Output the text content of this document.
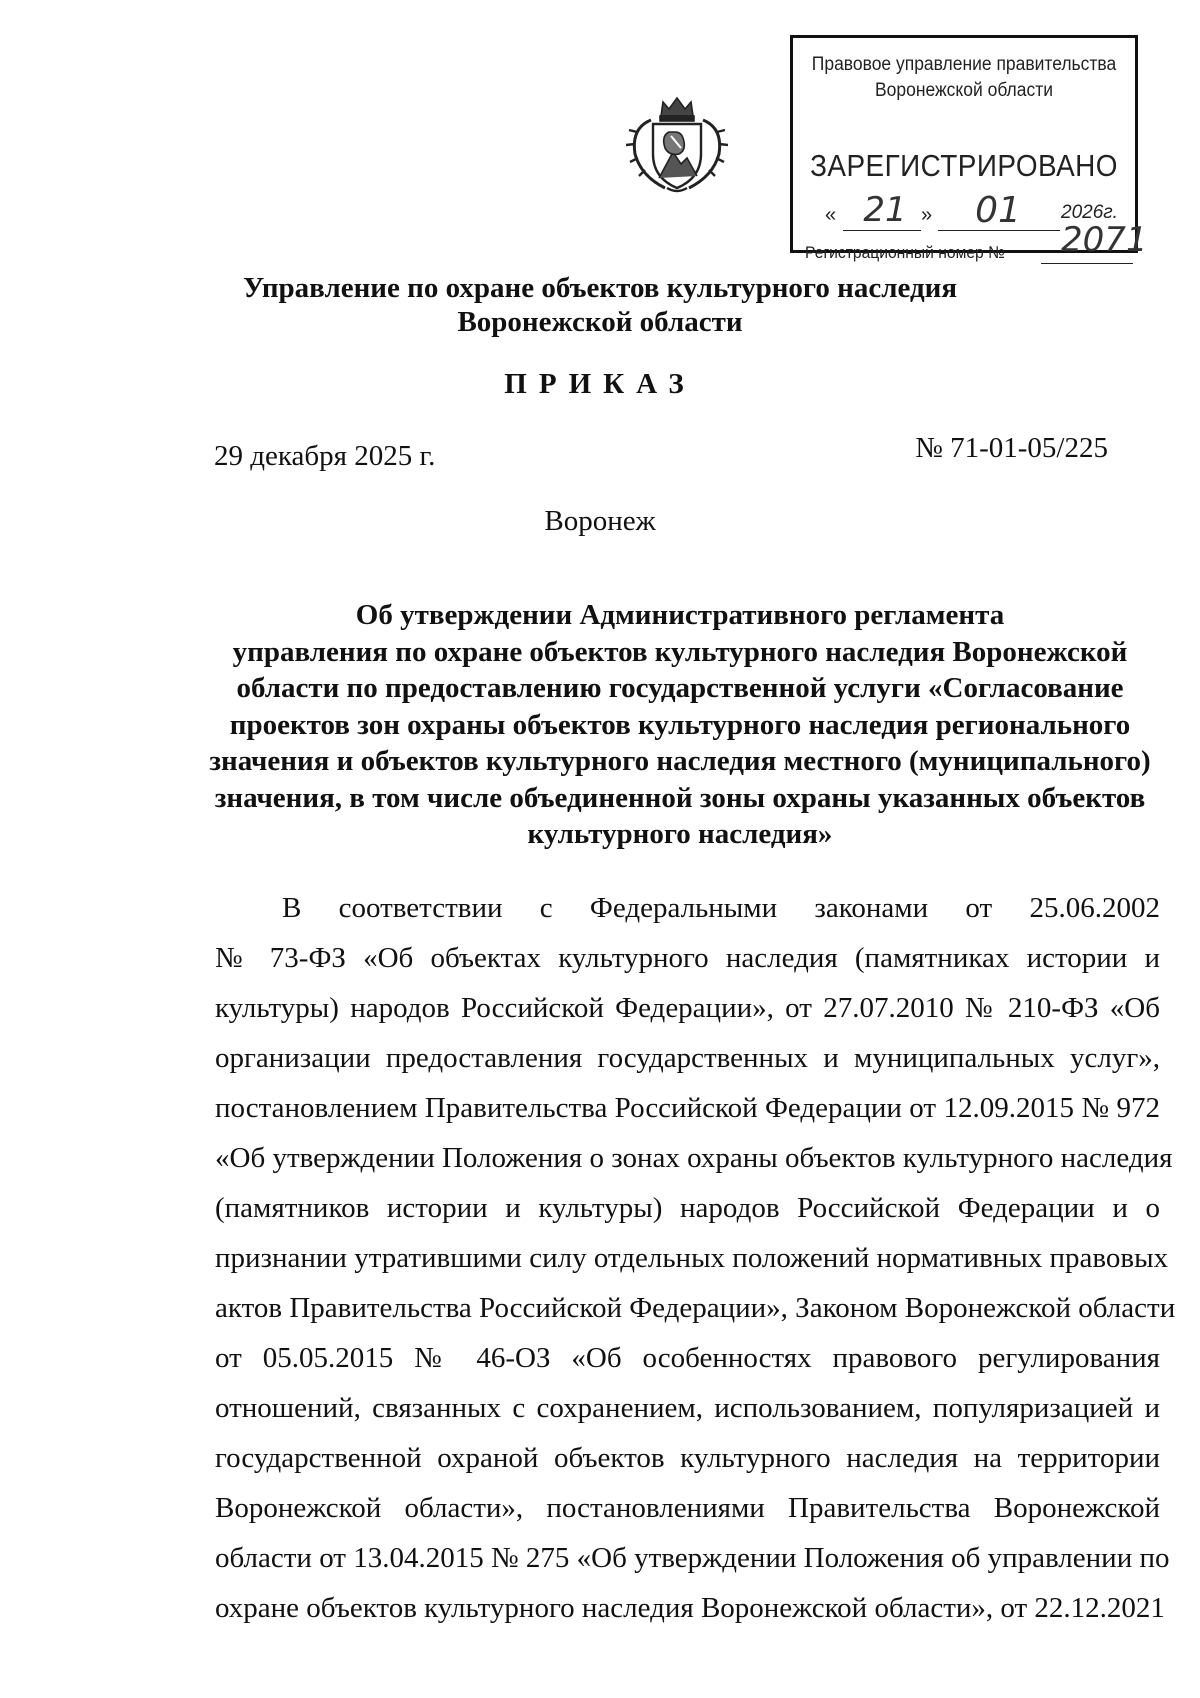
Правовое управление правительства
Воронежской области
ЗАРЕГИСТРИРОВАНО
« 21 »	01	2026г.
Регистрационный номер № 2071
Управление по охране объектов культурного наследия
Воронежской области
ПРИКАЗ
29 декабря 2025 г.	№ 71-01-05/225
Воронеж
Об утверждении Административного регламента
управления по охране объектов культурного наследия Воронежской
области по предоставлению государственной услуги «Согласование
проектов зон охраны объектов культурного наследия регионального
значения и объектов культурного наследия местного (муниципального)
значения, в том числе объединенной зоны охраны указанных объектов
культурного наследия»
В соответствии с Федеральными законами от 25.06.2002
№ 73-ФЗ «Об объектах культурного наследия (памятниках истории и
культуры) народов Российской Федерации», от 27.07.2010 № 210-ФЗ «Об
организации предоставления государственных и муниципальных услуг»,
постановлением Правительства Российской Федерации от 12.09.2015 № 972
«Об утверждении Положения о зонах охраны объектов культурного наследия
(памятников истории и культуры) народов Российской Федерации и о
признании утратившими силу отдельных положений нормативных правовых
актов Правительства Российской Федерации», Законом Воронежской области
от 05.05.2015 № 46-ОЗ «Об особенностях правового регулирования
отношений, связанных с сохранением, использованием, популяризацией и
государственной охраной объектов культурного наследия на территории
Воронежской области», постановлениями Правительства Воронежской
области от 13.04.2015 № 275 «Об утверждении Положения об управлении по
охране объектов культурного наследия Воронежской области», от 22.12.2021
